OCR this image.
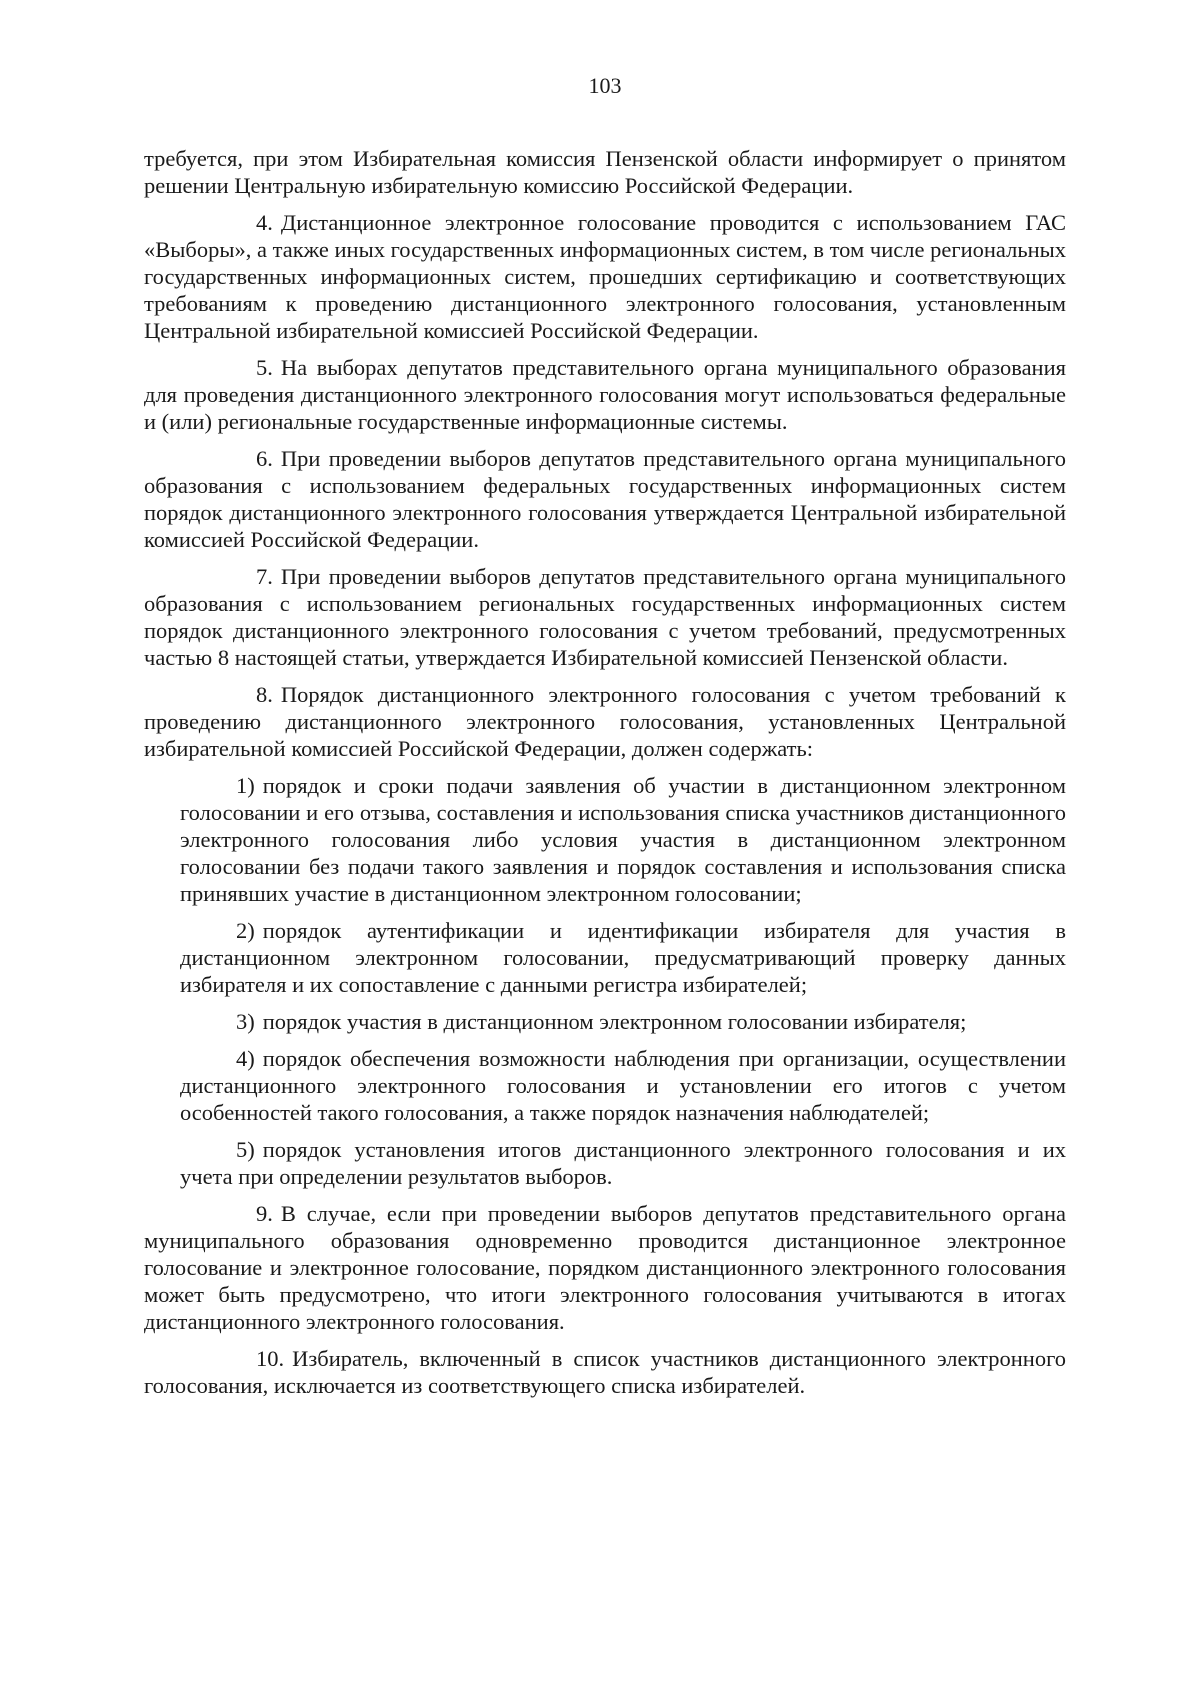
103

требуется, при этом Избирательная комиссия Пензенской области информирует о принятом решении Центральную избирательную комиссию Российской Федерации.

4. Дистанционное электронное голосование проводится с использованием ГАС «Выборы», а также иных государственных информационных систем, в том числе региональных государственных информационных систем, прошедших сертификацию и соответствующих требованиям к проведению дистанционного электронного голосования, установленным Центральной избирательной комиссией Российской Федерации.

5. На выборах депутатов представительного органа муниципального образования для проведения дистанционного электронного голосования могут использоваться федеральные и (или) региональные государственные информационные системы.

6. При проведении выборов депутатов представительного органа муниципального образования с использованием федеральных государственных информационных систем порядок дистанционного электронного голосования утверждается Центральной избирательной комиссией Российской Федерации.

7. При проведении выборов депутатов представительного органа муниципального образования с использованием региональных государственных информационных систем порядок дистанционного электронного голосования с учетом требований, предусмотренных частью 8 настоящей статьи, утверждается Избирательной комиссией Пензенской области.

8. Порядок дистанционного электронного голосования с учетом требований к проведению дистанционного электронного голосования, установленных Центральной избирательной комиссией Российской Федерации, должен содержать:

1) порядок и сроки подачи заявления об участии в дистанционном электронном голосовании и его отзыва, составления и использования списка участников дистанционного электронного голосования либо условия участия в дистанционном электронном голосовании без подачи такого заявления и порядок составления и использования списка принявших участие в дистанционном электронном голосовании;

2) порядок аутентификации и идентификации избирателя для участия в дистанционном электронном голосовании, предусматривающий проверку данных избирателя и их сопоставление с данными регистра избирателей;

3) порядок участия в дистанционном электронном голосовании избирателя;

4) порядок обеспечения возможности наблюдения при организации, осуществлении дистанционного электронного голосования и установлении его итогов с учетом особенностей такого голосования, а также порядок назначения наблюдателей;

5) порядок установления итогов дистанционного электронного голосования и их учета при определении результатов выборов.

9. В случае, если при проведении выборов депутатов представительного органа муниципального образования одновременно проводится дистанционное электронное голосование и электронное голосование, порядком дистанционного электронного голосования может быть предусмотрено, что итоги электронного голосования учитываются в итогах дистанционного электронного голосования.

10. Избиратель, включенный в список участников дистанционного электронного голосования, исключается из соответствующего списка избирателей.
